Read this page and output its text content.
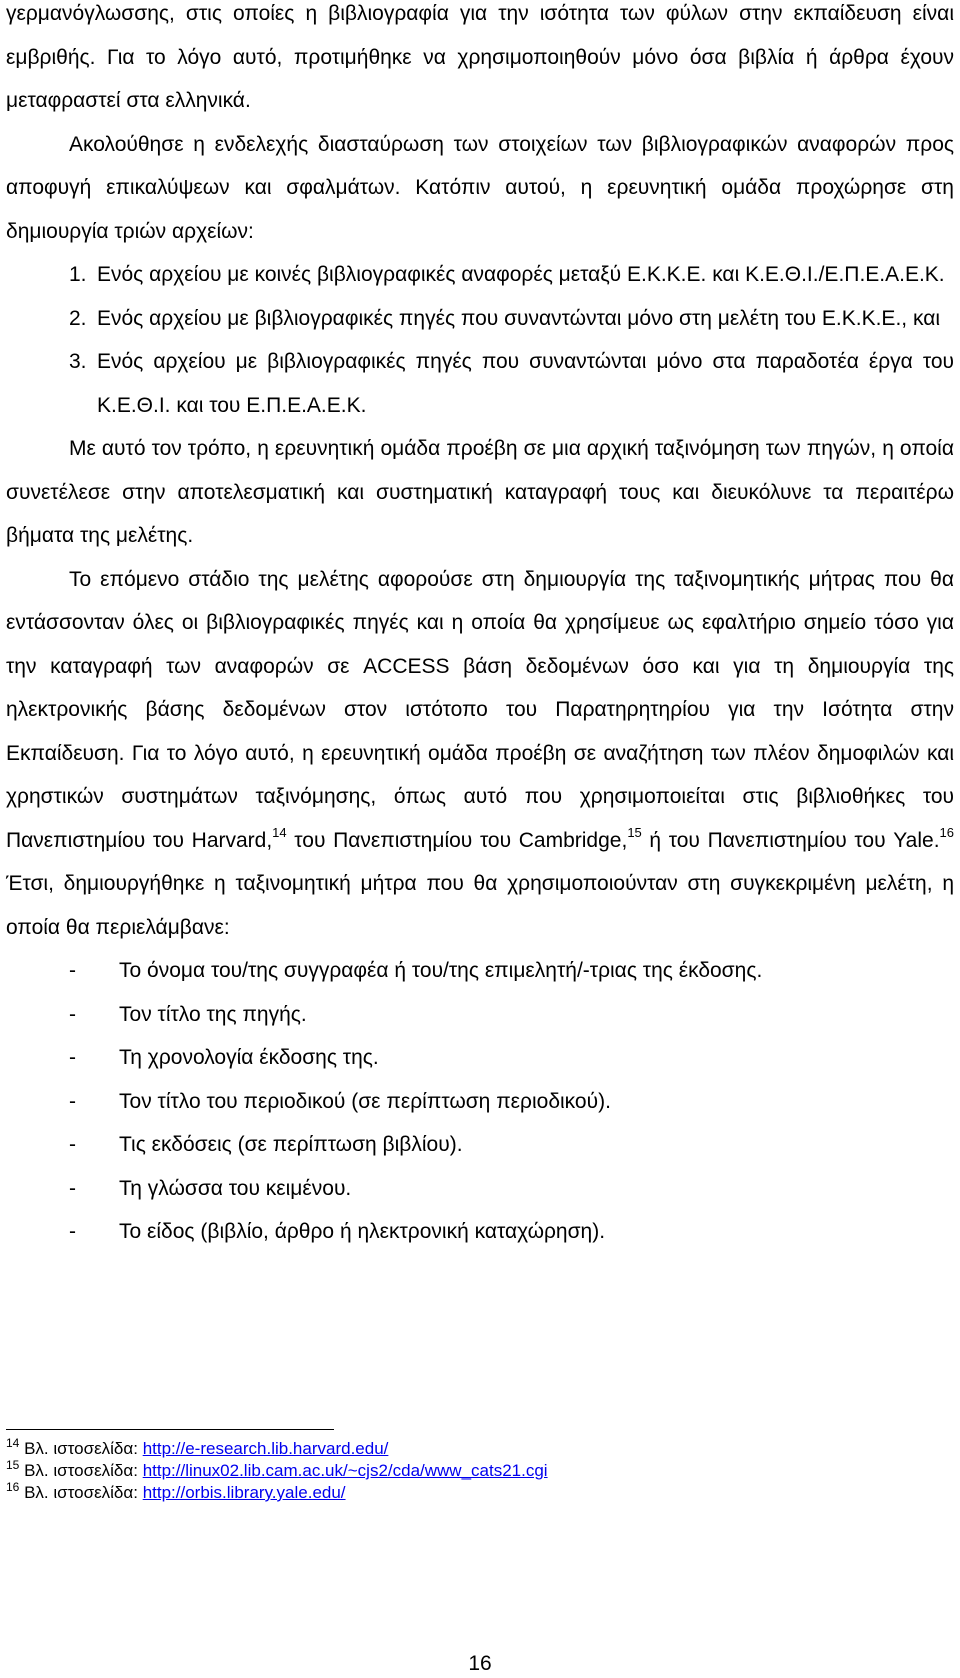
γερμανόγλωσσης, στις οποίες η βιβλιογραφία για την ισότητα των φύλων στην εκπαίδευση είναι εμβριθής. Για το λόγο αυτό, προτιμήθηκε να χρησιμοποιηθούν μόνο όσα βιβλία ή άρθρα έχουν μεταφραστεί στα ελληνικά.

Ακολούθησε η ενδελεχής διασταύρωση των στοιχείων των βιβλιογραφικών αναφορών προς αποφυγή επικαλύψεων και σφαλμάτων. Κατόπιν αυτού, η ερευνητική ομάδα προχώρησε στη δημιουργία τριών αρχείων:

1. Ενός αρχείου με κοινές βιβλιογραφικές αναφορές μεταξύ Ε.Κ.Κ.Ε. και Κ.Ε.Θ.Ι./Ε.Π.Ε.Α.Ε.Κ.
2. Ενός αρχείου με βιβλιογραφικές πηγές που συναντώνται μόνο στη μελέτη του Ε.Κ.Κ.Ε., και
3. Ενός αρχείου με βιβλιογραφικές πηγές που συναντώνται μόνο στα παραδοτέα έργα του Κ.Ε.Θ.Ι. και του Ε.Π.Ε.Α.Ε.Κ.

Με αυτό τον τρόπο, η ερευνητική ομάδα προέβη σε μια αρχική ταξινόμηση των πηγών, η οποία συνετέλεσε στην αποτελεσματική και συστηματική καταγραφή τους και διευκόλυνε τα περαιτέρω βήματα της μελέτης.

Το επόμενο στάδιο της μελέτης αφορούσε στη δημιουργία της ταξινομητικής μήτρας που θα εντάσσονταν όλες οι βιβλιογραφικές πηγές και η οποία θα χρησίμευε ως εφαλτήριο σημείο τόσο για την καταγραφή των αναφορών σε ACCESS βάση δεδομένων όσο και για τη δημιουργία της ηλεκτρονικής βάσης δεδομένων στον ιστότοπο του Παρατηρητηρίου για την Ισότητα στην Εκπαίδευση. Για το λόγο αυτό, η ερευνητική ομάδα προέβη σε αναζήτηση των πλέον δημοφιλών και χρηστικών συστημάτων ταξινόμησης, όπως αυτό που χρησιμοποιείται στις βιβλιοθήκες του Πανεπιστημίου του Harvard,$^{14}$ του Πανεπιστημίου του Cambridge,$^{15}$ ή του Πανεπιστημίου του Yale.$^{16}$ Έτσι, δημιουργήθηκε η ταξινομητική μήτρα που θα χρησιμοποιούνταν στη συγκεκριμένη μελέτη, η οποία θα περιελάμβανε:

- Το όνομα του/της συγγραφέα ή του/της επιμελητή/-τριας της έκδοσης.
- Τον τίτλο της πηγής.
- Τη χρονολογία έκδοσης της.
- Τον τίτλο του περιοδικού (σε περίπτωση περιοδικού).
- Τις εκδόσεις (σε περίπτωση βιβλίου).
- Τη γλώσσα του κειμένου.
- Το είδος (βιβλίο, άρθρο ή ηλεκτρονική καταχώρηση).
$^{14}$ Βλ. ιστοσελίδα: http://e-research.lib.harvard.edu/
$^{15}$ Βλ. ιστοσελίδα: http://linux02.lib.cam.ac.uk/~cjs2/cda/www_cats21.cgi
$^{16}$ Βλ. ιστοσελίδα: http://orbis.library.yale.edu/
16
